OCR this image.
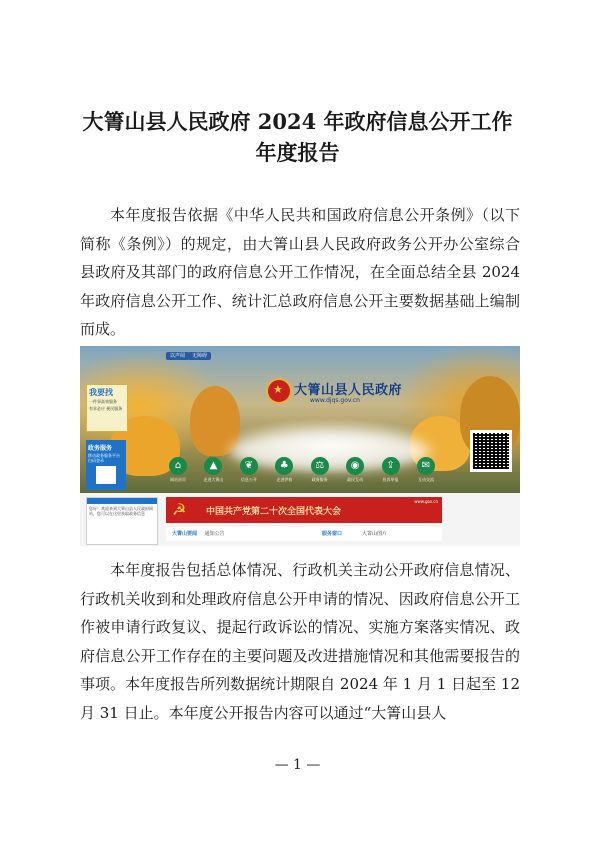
大箐山县人民政府 2024 年政府信息公开工作
年度报告

本年度报告依据《中华人民共和国政府信息公开条例》（以下简称《条例》）的规定，由大箐山县人民政府政务公开办公室综合县政府及其部门的政府信息公开工作情况，在全面总结全县 2024 年政府信息公开工作、统计汇总政府信息公开主要数据基础上编制而成。

以声阅	无障碍
★ 大箐山县人民政府
www.djqs.gov.cn
我要找
一件事高效服务
有求必应 便民服务
政务服务
移动政务服务平台
扫码登录	⌂
网站首页
▲
走进大箐山
❦
信息公开
♣
走进伊春
⚖
政务服务
◉
政民互动
⇪
投诉举报
✉
互动交流
您好！欢迎来到大箐山县人民政府网站，您可以在这里获取政务信息	☭	中国共产党第二十次全国代表大会
www.gov.cn
大箐山要闻 通知公告	服务窗口	大箐山图片

本年度报告包括总体情况、行政机关主动公开政府信息情况、行政机关收到和处理政府信息公开申请的情况、因政府信息公开工作被申请行政复议、提起行政诉讼的情况、实施方案落实情况、政府信息公开工作存在的主要问题及改进措施情况和其他需要报告的事项。本年度报告所列数据统计期限自 2024 年 1 月 1 日起至 12 月 31 日止。本年度公开报告内容可以通过“大箐山县人

— 1 —
